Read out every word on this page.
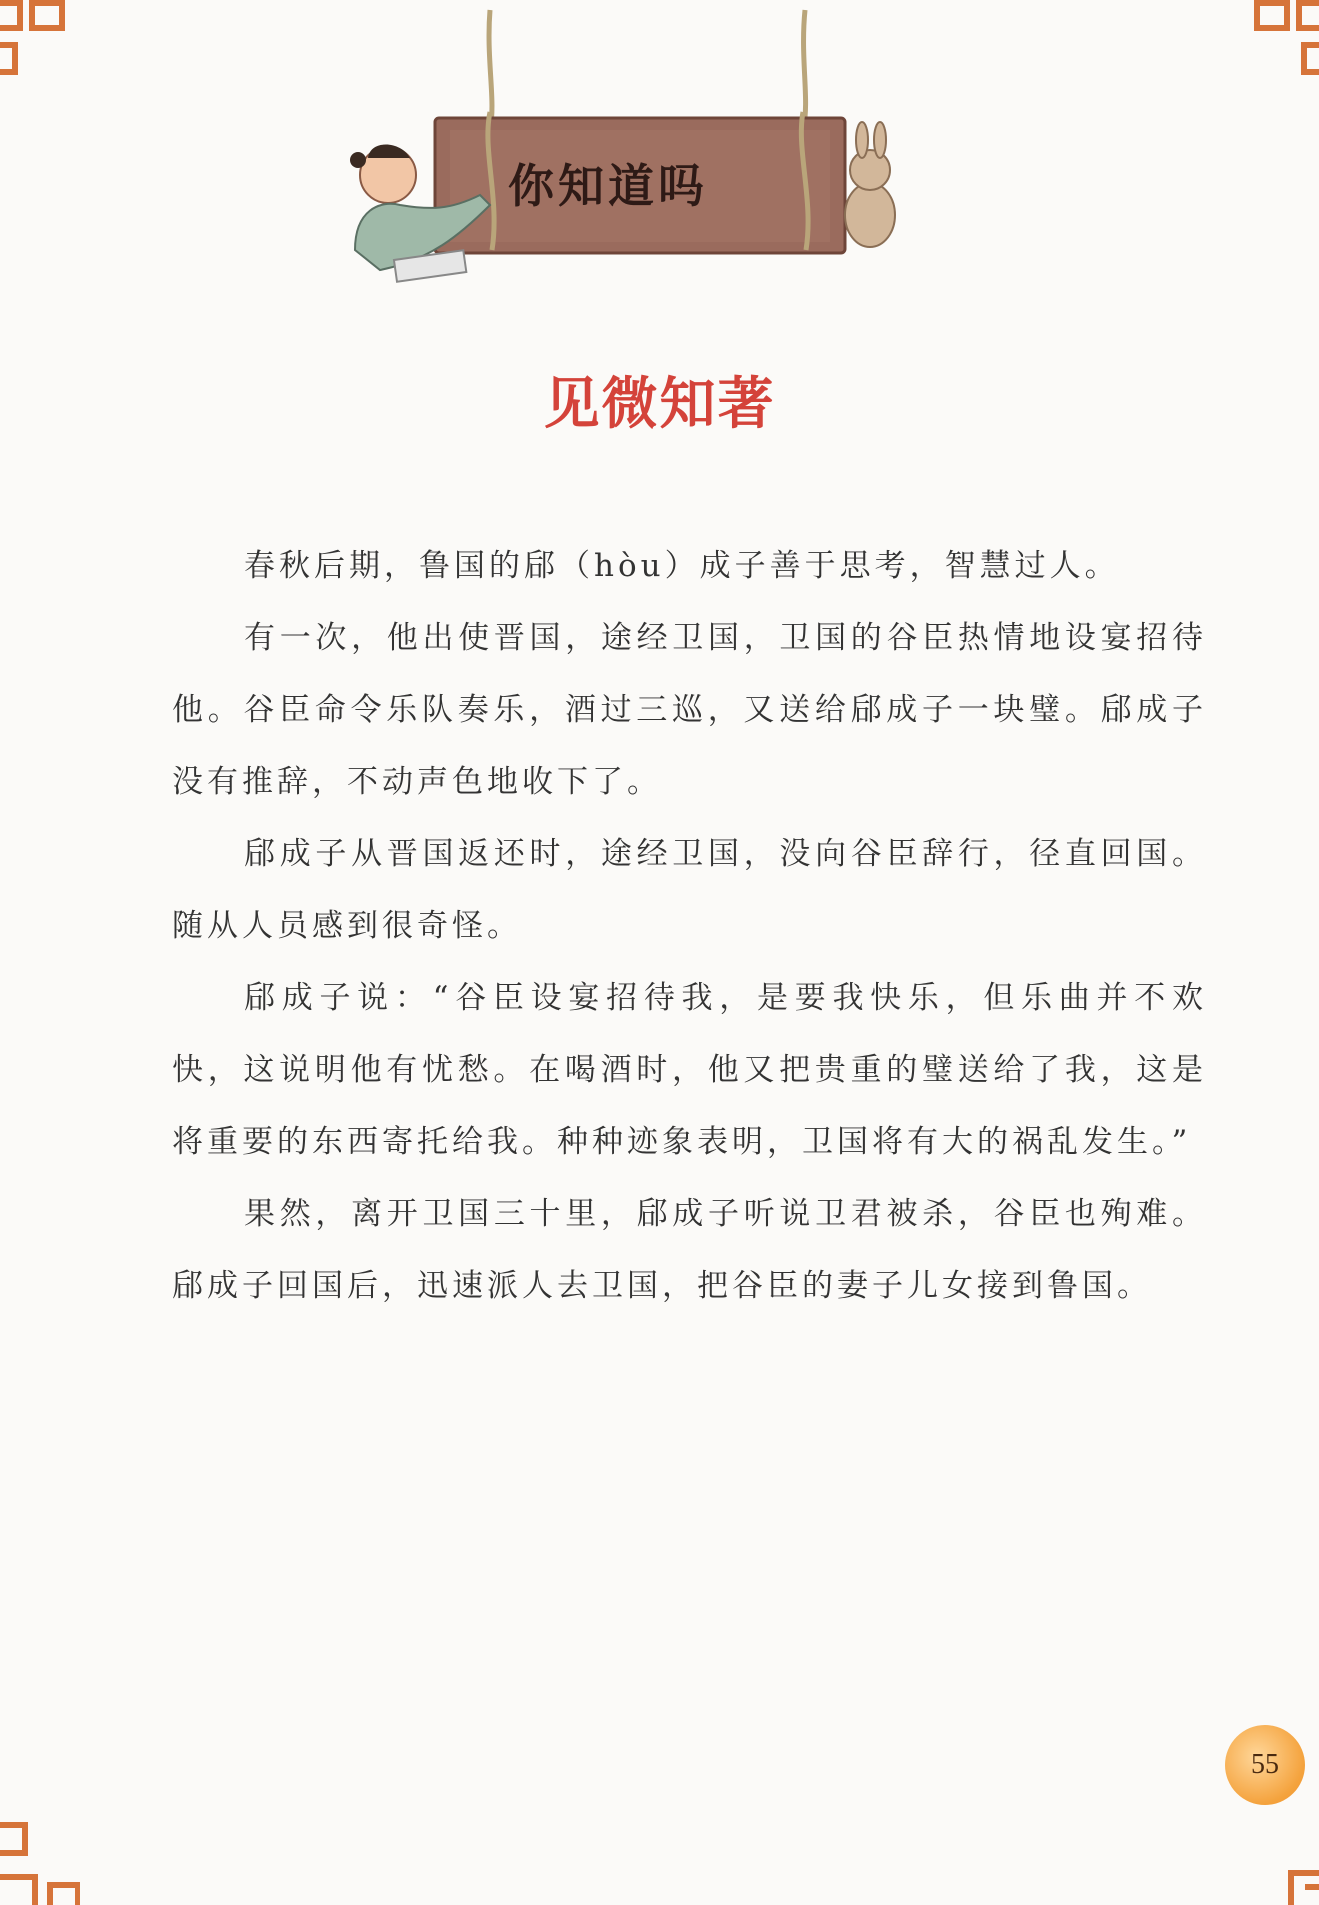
你知道吗
见微知著

春秋后期，鲁国的郈（hòu）成子善于思考，智慧过人。

有一次，他出使晋国，途经卫国，卫国的谷臣热情地设宴招待他。谷臣命令乐队奏乐，酒过三巡，又送给郈成子一块璧。郈成子没有推辞，不动声色地收下了。

郈成子从晋国返还时，途经卫国，没向谷臣辞行，径直回国。随从人员感到很奇怪。

郈成子说：“谷臣设宴招待我，是要我快乐，但乐曲并不欢快，这说明他有忧愁。在喝酒时，他又把贵重的璧送给了我，这是将重要的东西寄托给我。种种迹象表明，卫国将有大的祸乱发生。”

果然，离开卫国三十里，郈成子听说卫君被杀，谷臣也殉难。郈成子回国后，迅速派人去卫国，把谷臣的妻子儿女接到鲁国。

55
